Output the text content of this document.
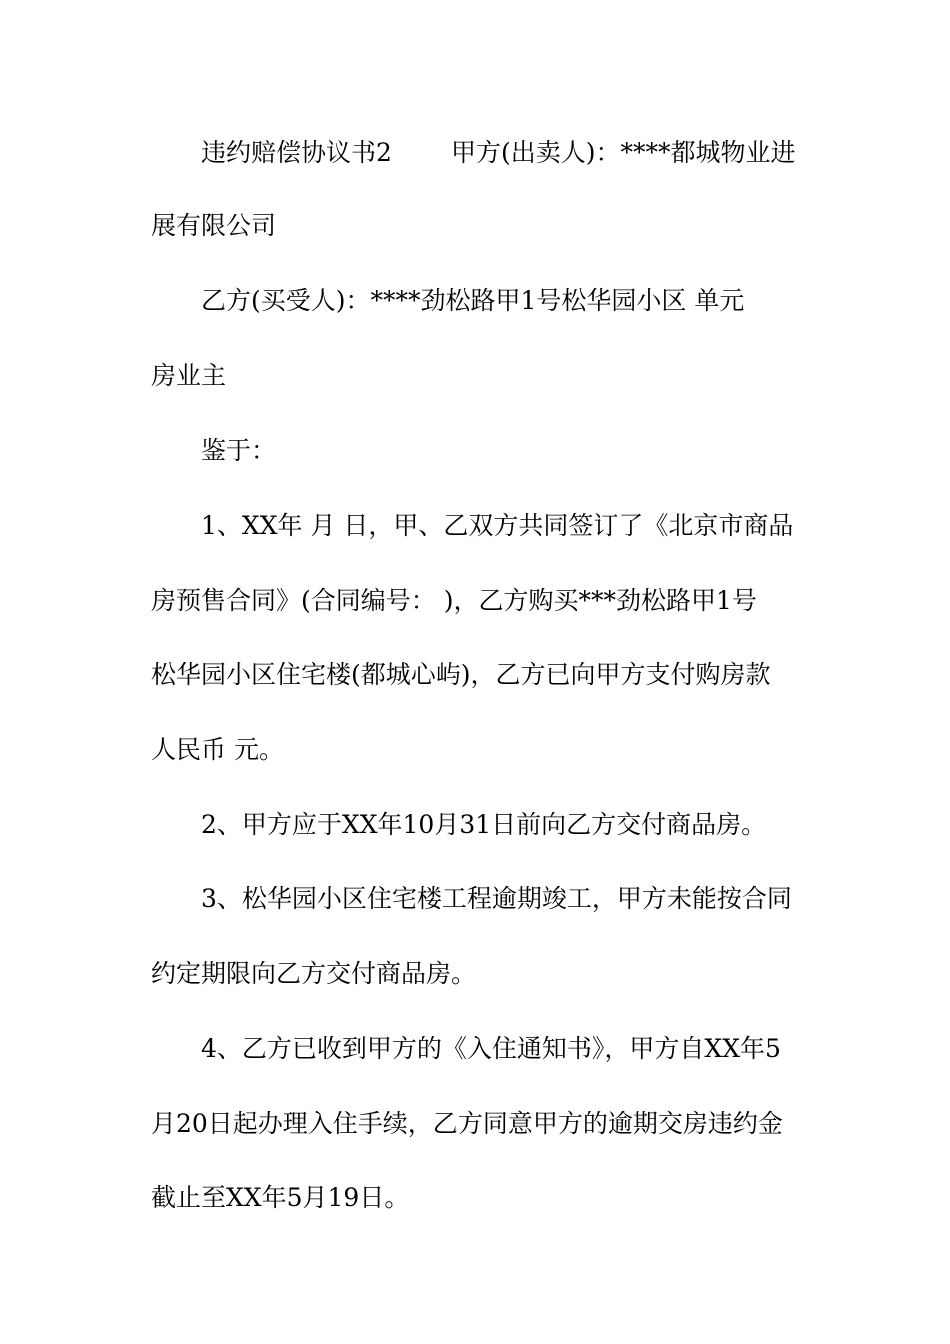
违约赔偿协议书2

甲方(出卖人)：****都城物业进

展有限公司

乙方(买受人)：****劲松路甲1号松华园小区 单元

房业主

鉴于：

1、XX年 月 日，甲、乙双方共同签订了《北京市商品

房预售合同》(合同编号： )，乙方购买***劲松路甲1号

松华园小区住宅楼(都城心屿)，乙方已向甲方支付购房款

人民币 元。

2、甲方应于XX年10月31日前向乙方交付商品房。

3、松华园小区住宅楼工程逾期竣工，甲方未能按合同

约定期限向乙方交付商品房。

4、乙方已收到甲方的《入住通知书》，甲方自XX年5

月20日起办理入住手续，乙方同意甲方的逾期交房违约金

截止至XX年5月19日。
